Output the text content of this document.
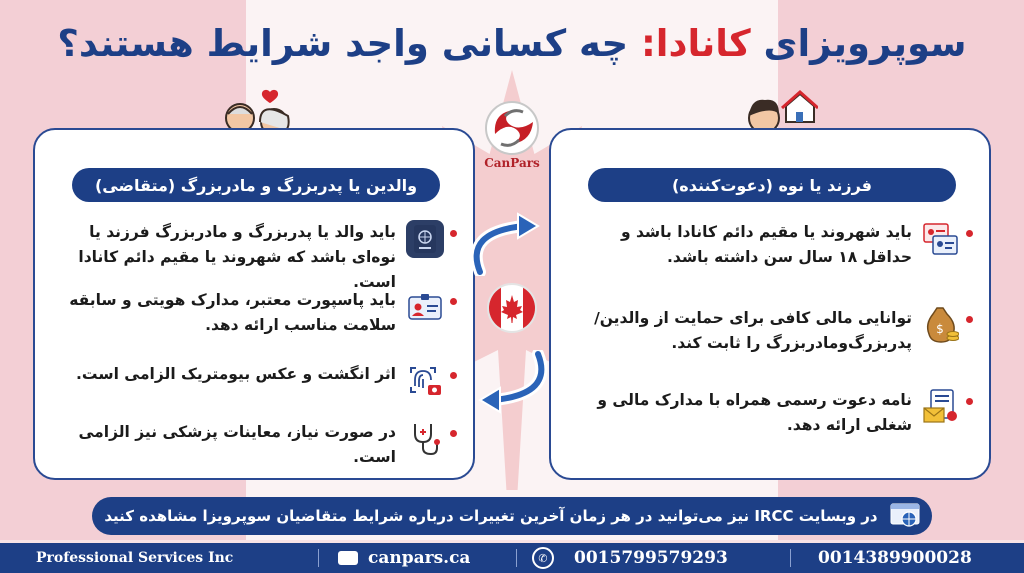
سوپرویزای کانادا: چه کسانی واجد شرایط هستند؟
والدین یا پدربزرگ و مادربزرگ (متقاضی)
باید والد یا پدربزرگ و مادربزرگ فرزند یا نوه‌ای باشد که شهروند یا مقیم دائم کانادا است.
باید پاسپورت معتبر، مدارک هویتی و سابقه سلامت مناسب ارائه دهد.
اثر انگشت و عکس بیومتریک الزامی است.
در صورت نیاز، معاینات پزشکی نیز الزامی است.
فرزند یا نوه (دعوت‌کننده)
باید شهروند یا مقیم دائم کانادا باشد و حداقل ۱۸ سال سن داشته باشد.
$
توانایی مالی کافی برای حمایت از والدین/پدربزرگ‌ومادربزرگ را ثابت کند.
نامه دعوت رسمی همراه با مدارک مالی و شغلی ارائه دهد.
CanPars
در وبسایت IRCC نیز می‌توانید در هر زمان آخرین تغییرات درباره شرایط متقاضیان سوپرویزا مشاهده کنید
Professional Services Inc	canpars.ca	✆	0015799579293	0014389900028
